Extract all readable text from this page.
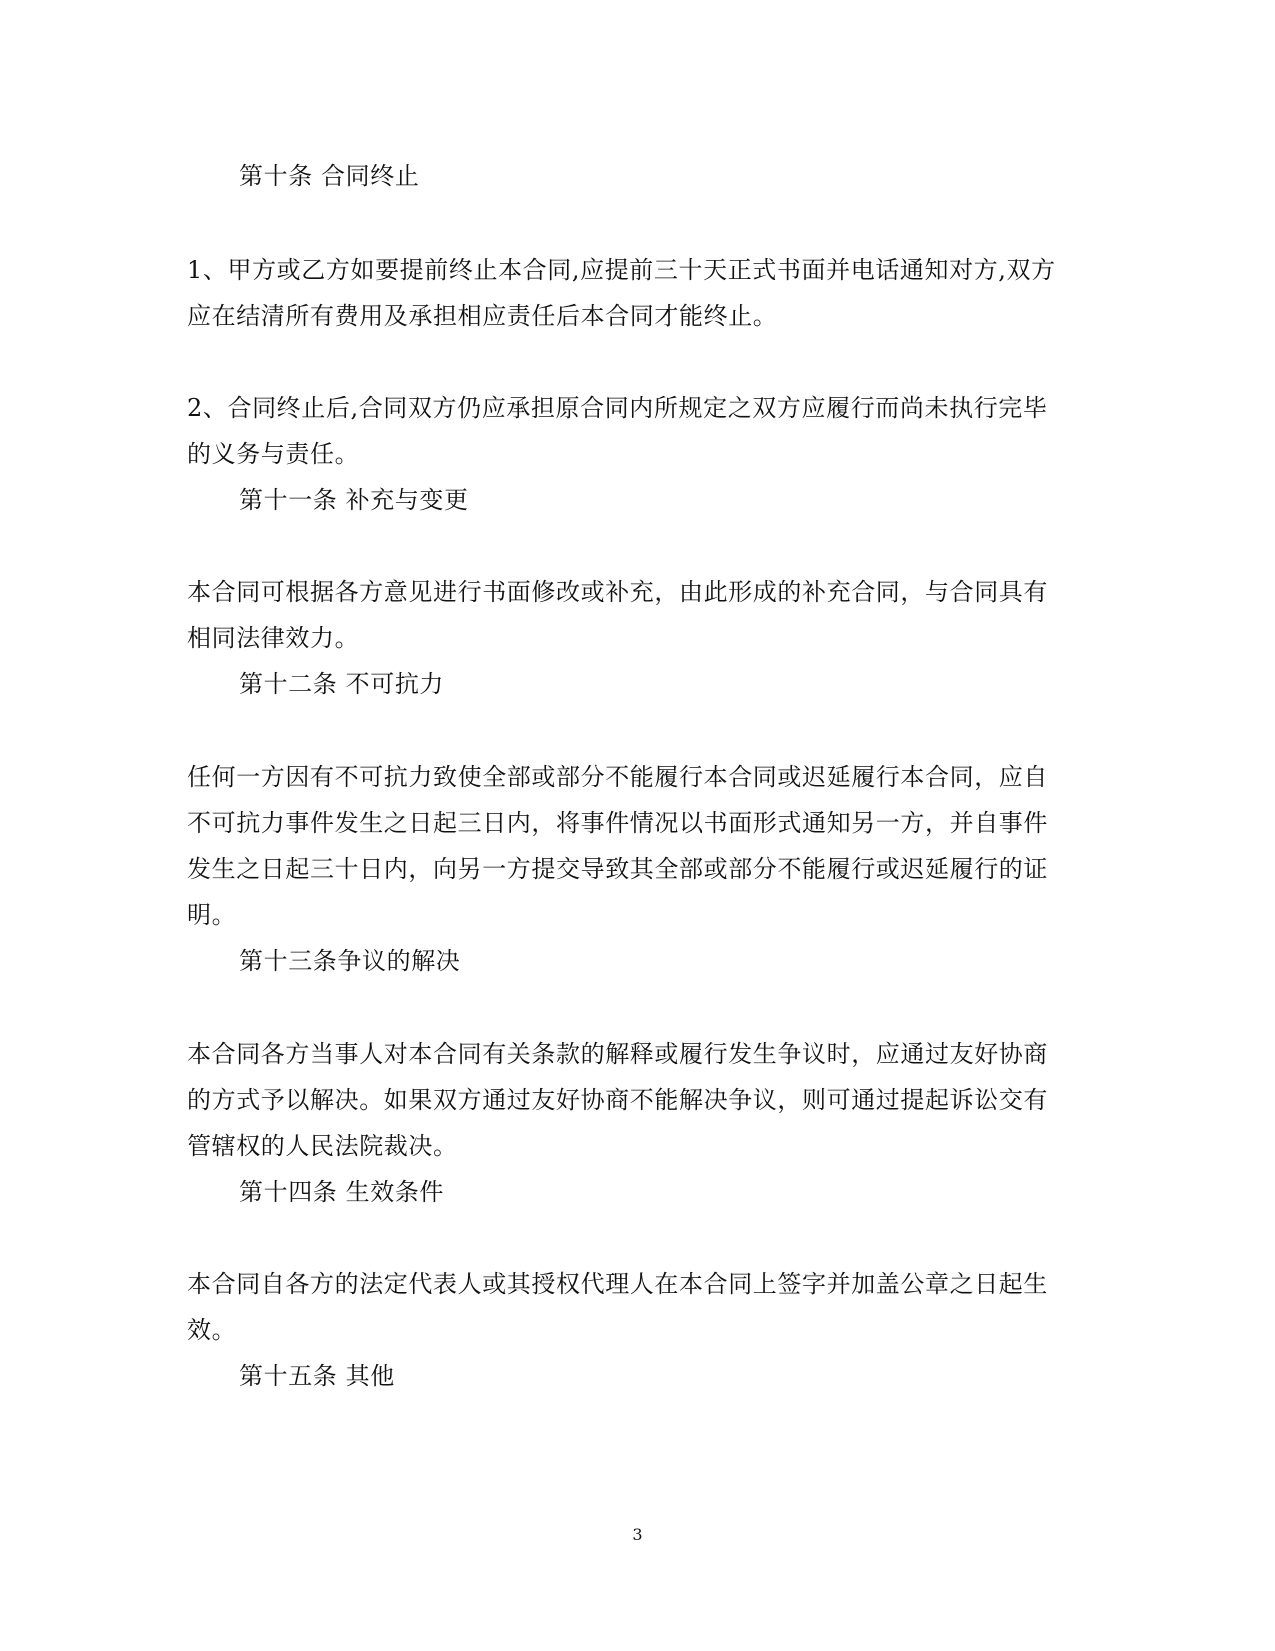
第十条 合同终止
1、甲方或乙方如要提前终止本合同,应提前三十天正式书面并电话通知对方,双方
应在结清所有费用及承担相应责任后本合同才能终止。
2、合同终止后,合同双方仍应承担原合同内所规定之双方应履行而尚未执行完毕
的义务与责任。
第十一条 补充与变更
本合同可根据各方意见进行书面修改或补充，由此形成的补充合同，与合同具有
相同法律效力。
第十二条 不可抗力
任何一方因有不可抗力致使全部或部分不能履行本合同或迟延履行本合同，应自
不可抗力事件发生之日起三日内，将事件情况以书面形式通知另一方，并自事件
发生之日起三十日内，向另一方提交导致其全部或部分不能履行或迟延履行的证
明。
第十三条争议的解决
本合同各方当事人对本合同有关条款的解释或履行发生争议时，应通过友好协商
的方式予以解决。如果双方通过友好协商不能解决争议，则可通过提起诉讼交有
管辖权的人民法院裁决。
第十四条 生效条件
本合同自各方的法定代表人或其授权代理人在本合同上签字并加盖公章之日起生
效。
第十五条 其他
3
